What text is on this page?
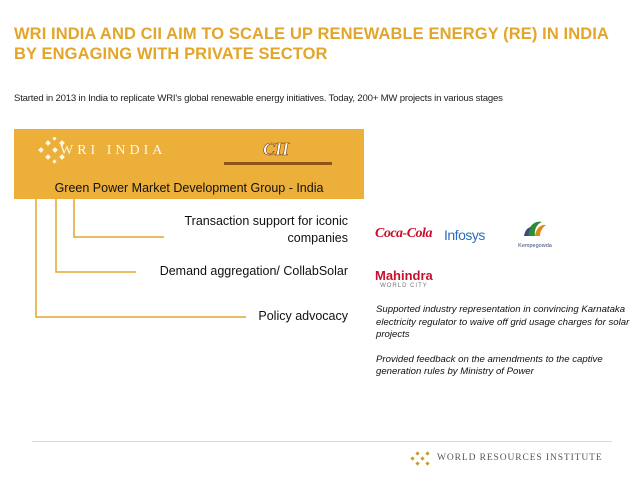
WRI INDIA AND CII AIM TO SCALE UP RENEWABLE ENERGY (RE) IN INDIA BY ENGAGING WITH PRIVATE SECTOR
Started in 2013 in India to replicate WRI's global renewable energy initiatives. Today, 200+ MW projects in various stages
WRI INDIA	CII
Green Power Market Development Group - India
Transaction support for iconic companies
Demand aggregation/ CollabSolar
Policy advocacy
Coca-Cola Infosys
Kempegowda
Mahindra
WORLD CITY

Supported industry representation in convincing Karnataka electricity regulator to waive off grid usage charges for solar projects

Provided feedback on the amendments to the captive generation rules by Ministry of Power

WORLD RESOURCES INSTITUTE
